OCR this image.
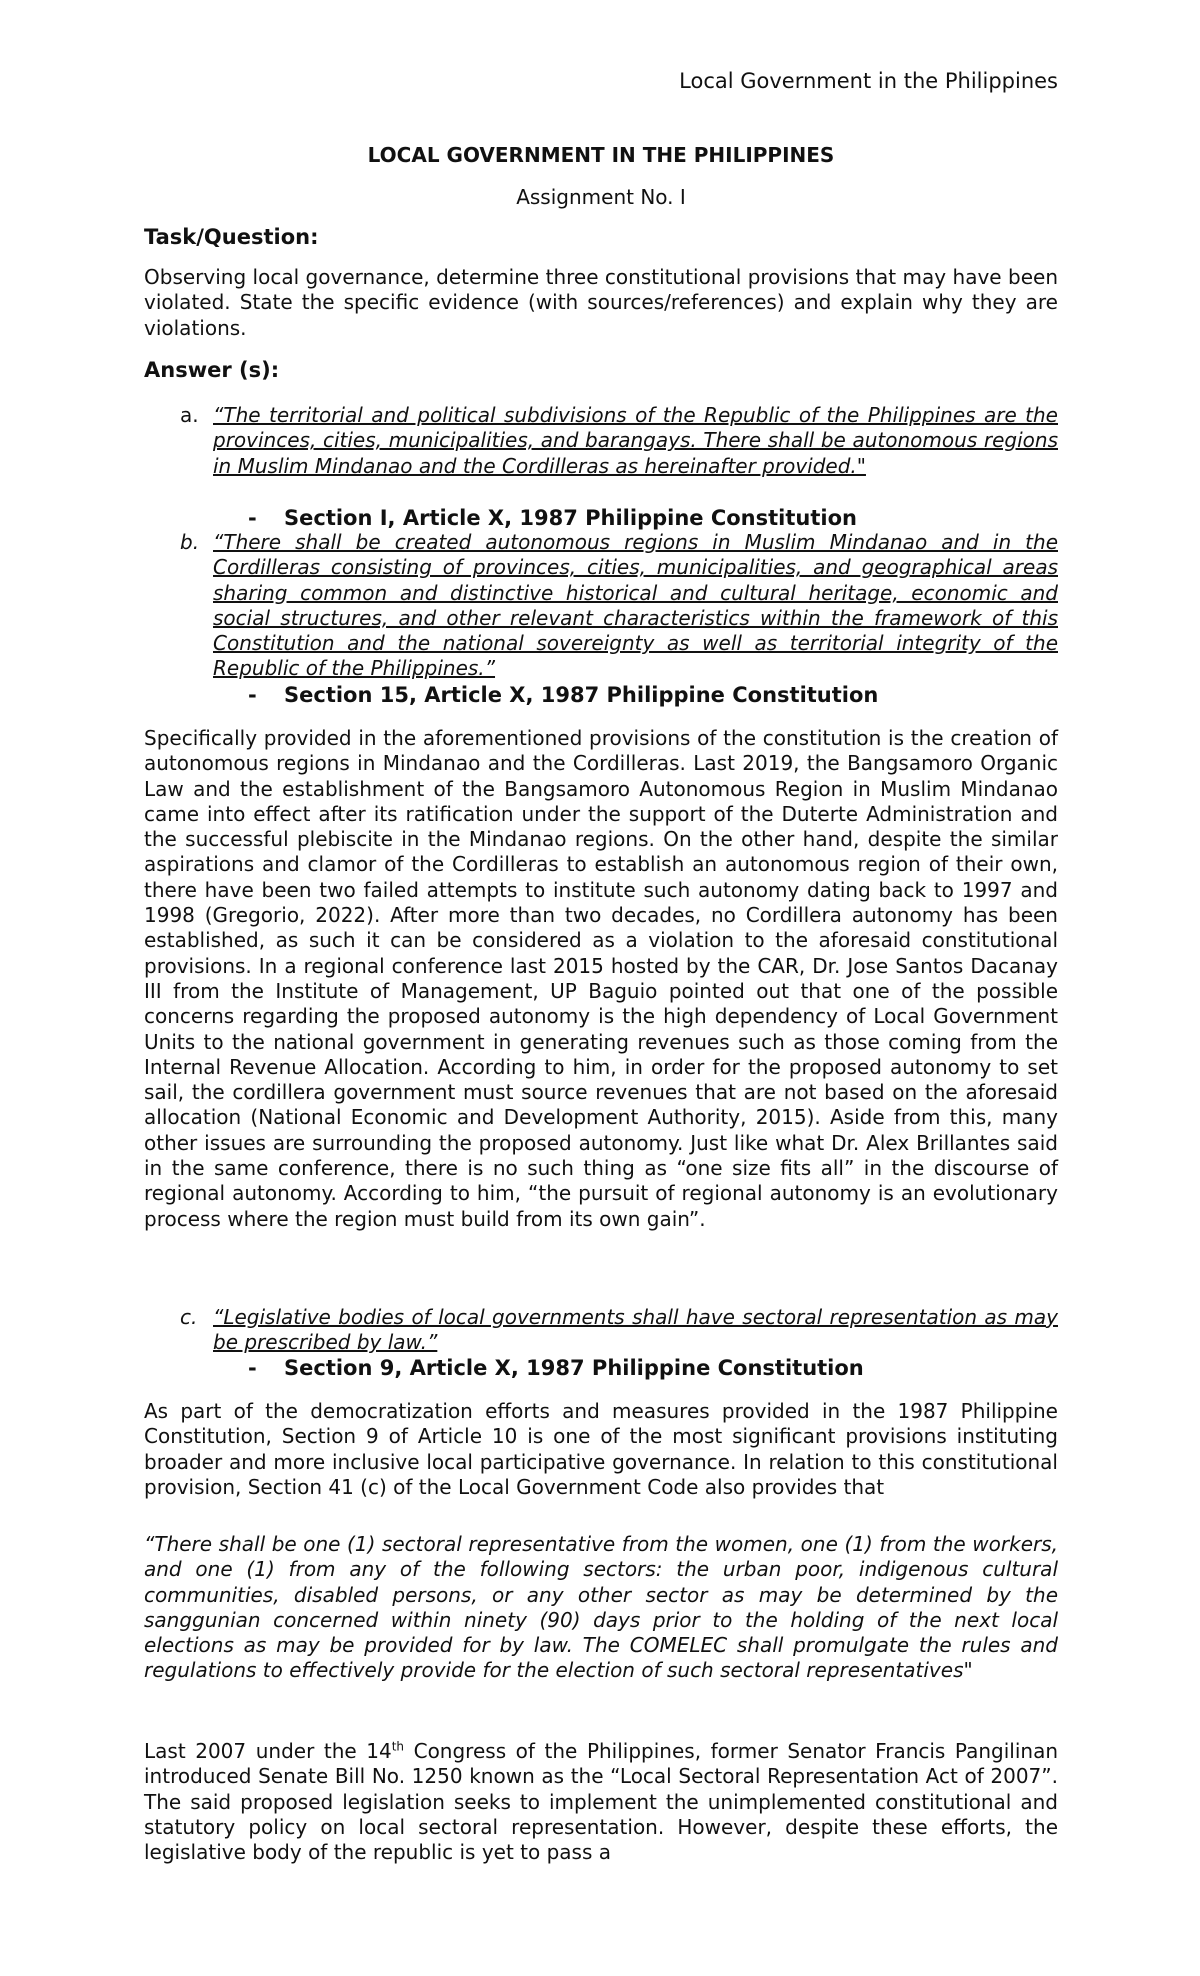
Local Government in the Philippines
LOCAL GOVERNMENT IN THE PHILIPPINES
Assignment No. I
Task/Question:

Observing local governance, determine three constitutional provisions that may have been violated. State the specific evidence (with sources/references) and explain why they are violations.

Answer (s):
a. “The territorial and political subdivisions of the Republic of the Philippines are the provinces, cities, municipalities, and barangays. There shall be autonomous regions in Muslim Mindanao and the Cordilleras as hereinafter provided."

- Section I, Article X, 1987 Philippine Constitution
b. “There shall be created autonomous regions in Muslim Mindanao and in the Cordilleras consisting of provinces, cities, municipalities, and geographical areas sharing common and distinctive historical and cultural heritage, economic and social structures, and other relevant characteristics within the framework of this Constitution and the national sovereignty as well as territorial integrity of the Republic of the Philippines.”

- Section 15, Article X, 1987 Philippine Constitution

Specifically provided in the aforementioned provisions of the constitution is the creation of autonomous regions in Mindanao and the Cordilleras. Last 2019, the Bangsamoro Organic Law and the establishment of the Bangsamoro Autonomous Region in Muslim Mindanao came into effect after its ratification under the support of the Duterte Administration and the successful plebiscite in the Mindanao regions. On the other hand, despite the similar aspirations and clamor of the Cordilleras to establish an autonomous region of their own, there have been two failed attempts to institute such autonomy dating back to 1997 and 1998 (Gregorio, 2022). After more than two decades, no Cordillera autonomy has been established, as such it can be considered as a violation to the aforesaid constitutional provisions. In a regional conference last 2015 hosted by the CAR, Dr. Jose Santos Dacanay III from the Institute of Management, UP Baguio pointed out that one of the possible concerns regarding the proposed autonomy is the high dependency of Local Government Units to the national government in generating revenues such as those coming from the Internal Revenue Allocation. According to him, in order for the proposed autonomy to set sail, the cordillera government must source revenues that are not based on the aforesaid allocation (National Economic and Development Authority, 2015). Aside from this, many other issues are surrounding the proposed autonomy. Just like what Dr. Alex Brillantes said in the same conference, there is no such thing as “one size fits all” in the discourse of regional autonomy. According to him, “the pursuit of regional autonomy is an evolutionary process where the region must build from its own gain”.

c. “Legislative bodies of local governments shall have sectoral representation as may be prescribed by law.”

- Section 9, Article X, 1987 Philippine Constitution

As part of the democratization efforts and measures provided in the 1987 Philippine Constitution, Section 9 of Article 10 is one of the most significant provisions instituting broader and more inclusive local participative governance. In relation to this constitutional provision, Section 41 (c) of the Local Government Code also provides that

“There shall be one (1) sectoral representative from the women, one (1) from the workers, and one (1) from any of the following sectors: the urban poor, indigenous cultural communities, disabled persons, or any other sector as may be determined by the sanggunian concerned within ninety (90) days prior to the holding of the next local elections as may be provided for by law. The COMELEC shall promulgate the rules and regulations to effectively provide for the election of such sectoral representatives"

Last 2007 under the 14th Congress of the Philippines, former Senator Francis Pangilinan introduced Senate Bill No. 1250 known as the “Local Sectoral Representation Act of 2007”. The said proposed legislation seeks to implement the unimplemented constitutional and statutory policy on local sectoral representation. However, despite these efforts, the legislative body of the republic is yet to pass a
